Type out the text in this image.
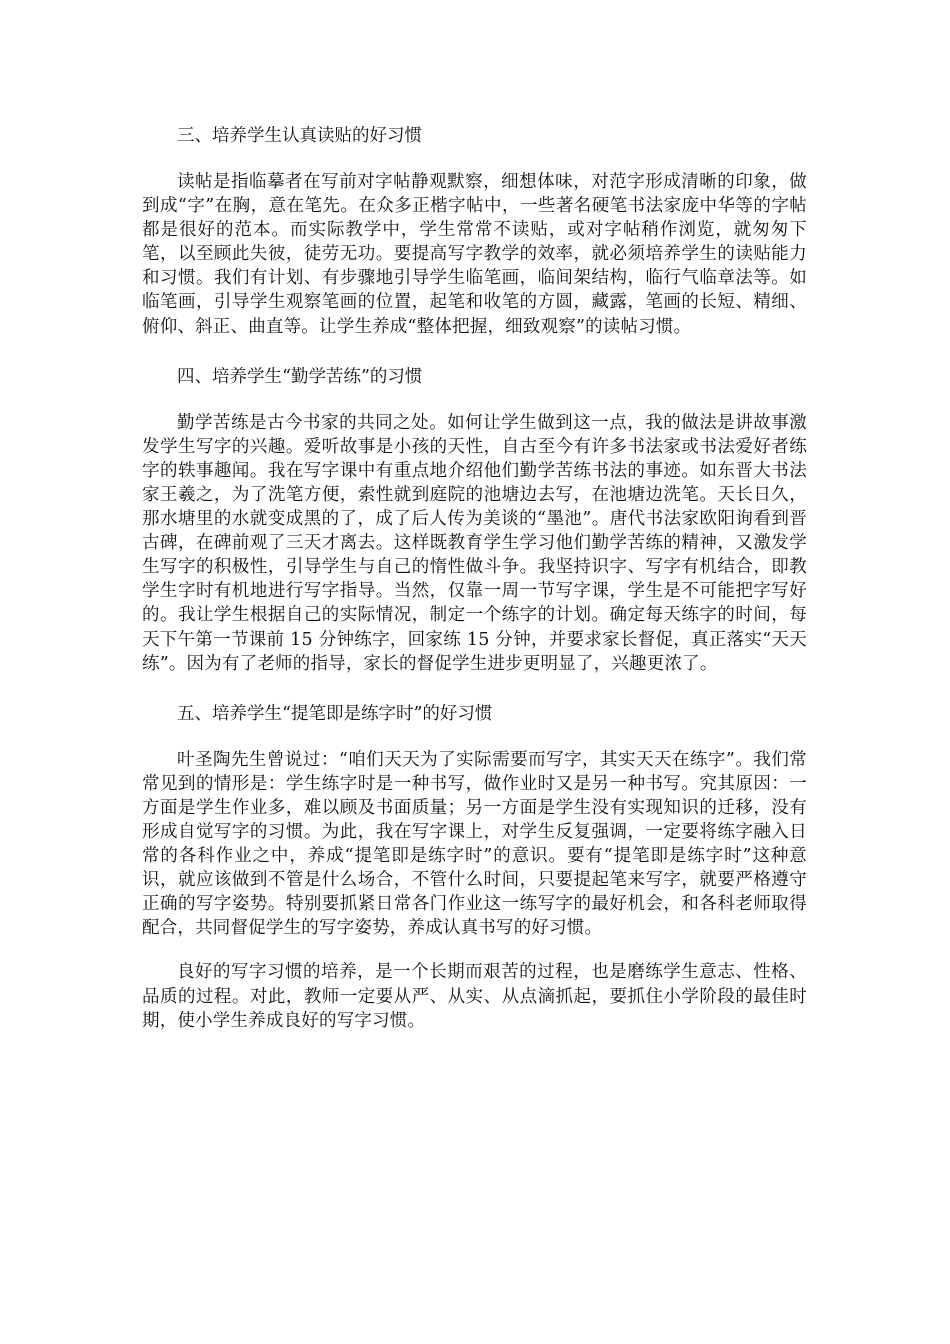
三、培养学生认真读贴的好习惯

读帖是指临摹者在写前对字帖静观默察，细想体味，对范字形成清晰的印象，做到成“字”在胸，意在笔先。在众多正楷字帖中，一些著名硬笔书法家庞中华等的字帖都是很好的范本。而实际教学中，学生常常不读贴，或对字帖稍作浏览，就匆匆下笔，以至顾此失彼，徒劳无功。要提高写字教学的效率，就必须培养学生的读贴能力和习惯。我们有计划、有步骤地引导学生临笔画，临间架结构，临行气临章法等。如临笔画，引导学生观察笔画的位置，起笔和收笔的方圆，藏露，笔画的长短、精细、俯仰、斜正、曲直等。让学生养成“整体把握，细致观察”的读帖习惯。

四、培养学生“勤学苦练”的习惯

勤学苦练是古今书家的共同之处。如何让学生做到这一点，我的做法是讲故事激发学生写字的兴趣。爱听故事是小孩的天性，自古至今有许多书法家或书法爱好者练字的轶事趣闻。我在写字课中有重点地介绍他们勤学苦练书法的事迹。如东晋大书法家王羲之，为了洗笔方便，索性就到庭院的池塘边去写，在池塘边洗笔。天长日久，那水塘里的水就变成黑的了，成了后人传为美谈的“墨池”。唐代书法家欧阳询看到晋古碑，在碑前观了三天才离去。这样既教育学生学习他们勤学苦练的精神，又激发学生写字的积极性，引导学生与自己的惰性做斗争。我坚持识字、写字有机结合，即教学生字时有机地进行写字指导。当然，仅靠一周一节写字课，学生是不可能把字写好的。我让学生根据自己的实际情况，制定一个练字的计划。确定每天练字的时间，每天下午第一节课前 15 分钟练字，回家练 15 分钟，并要求家长督促，真正落实“天天练”。因为有了老师的指导，家长的督促学生进步更明显了，兴趣更浓了。

五、培养学生“提笔即是练字时”的好习惯

叶圣陶先生曾说过：“咱们天天为了实际需要而写字，其实天天在练字”。我们常常见到的情形是：学生练字时是一种书写，做作业时又是另一种书写。究其原因：一方面是学生作业多，难以顾及书面质量；另一方面是学生没有实现知识的迁移，没有形成自觉写字的习惯。为此，我在写字课上，对学生反复强调，一定要将练字融入日常的各科作业之中，养成“提笔即是练字时”的意识。要有“提笔即是练字时”这种意识，就应该做到不管是什么场合，不管什么时间，只要提起笔来写字，就要严格遵守正确的写字姿势。特别要抓紧日常各门作业这一练写字的最好机会，和各科老师取得配合，共同督促学生的写字姿势，养成认真书写的好习惯。

良好的写字习惯的培养，是一个长期而艰苦的过程，也是磨练学生意志、性格、品质的过程。对此，教师一定要从严、从实、从点滴抓起，要抓住小学阶段的最佳时期，使小学生养成良好的写字习惯。
